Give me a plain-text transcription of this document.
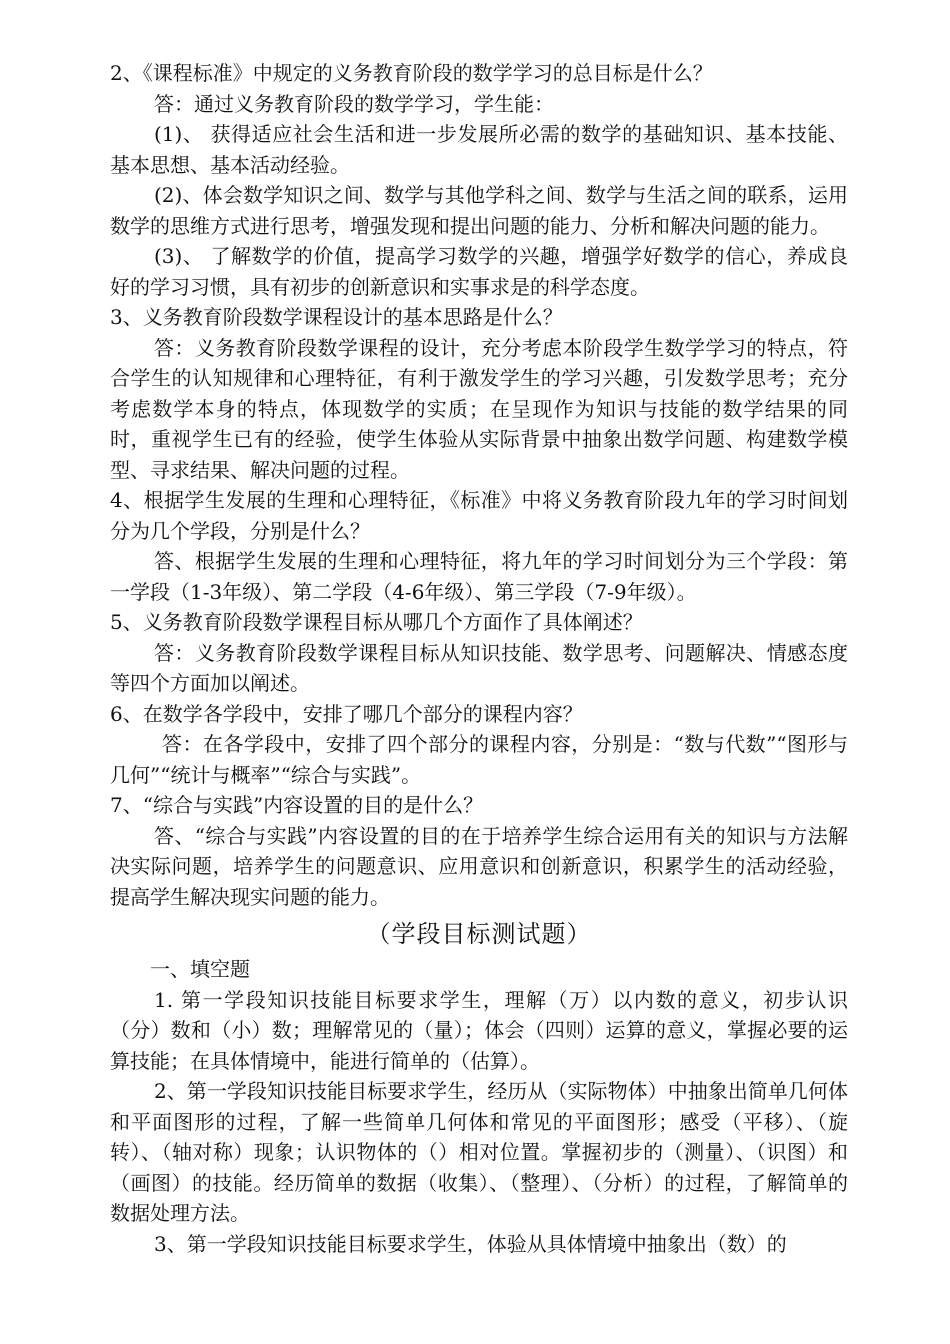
2、《课程标准》中规定的义务教育阶段的数学学习的总目标是什么？

答：通过义务教育阶段的数学学习，学生能：

(1)、 获得适应社会生活和进一步发展所必需的数学的基础知识、基本技能、基本思想、基本活动经验。

(2)、体会数学知识之间、数学与其他学科之间、数学与生活之间的联系，运用数学的思维方式进行思考，增强发现和提出问题的能力、分析和解决问题的能力。

(3)、 了解数学的价值，提高学习数学的兴趣，增强学好数学的信心，养成良好的学习习惯，具有初步的创新意识和实事求是的科学态度。

3、义务教育阶段数学课程设计的基本思路是什么？

答：义务教育阶段数学课程的设计，充分考虑本阶段学生数学学习的特点，符合学生的认知规律和心理特征，有利于激发学生的学习兴趣，引发数学思考；充分考虑数学本身的特点，体现数学的实质；在呈现作为知识与技能的数学结果的同时，重视学生已有的经验，使学生体验从实际背景中抽象出数学问题、构建数学模型、寻求结果、解决问题的过程。

4、根据学生发展的生理和心理特征，《标准》中将义务教育阶段九年的学习时间划分为几个学段，分别是什么？

答、根据学生发展的生理和心理特征，将九年的学习时间划分为三个学段：第一学段（1-3年级）、第二学段（4-6年级）、第三学段（7-9年级）。

5、义务教育阶段数学课程目标从哪几个方面作了具体阐述？

答：义务教育阶段数学课程目标从知识技能、数学思考、问题解决、情感态度等四个方面加以阐述。

6、在数学各学段中，安排了哪几个部分的课程内容？

答：在各学段中，安排了四个部分的课程内容，分别是：“数与代数”“图形与几何”“统计与概率”“综合与实践”。

7、“综合与实践”内容设置的目的是什么？

答、“综合与实践”内容设置的目的在于培养学生综合运用有关的知识与方法解决实际问题，培养学生的问题意识、应用意识和创新意识，积累学生的活动经验，提高学生解决现实问题的能力。

（学段目标测试题）

一、填空题

1. 第一学段知识技能目标要求学生，理解（万）以内数的意义，初步认识（分）数和（小）数；理解常见的（量）；体会（四则）运算的意义，掌握必要的运算技能；在具体情境中，能进行简单的（估算）。

2、第一学段知识技能目标要求学生，经历从（实际物体）中抽象出简单几何体和平面图形的过程，了解一些简单几何体和常见的平面图形；感受（平移）、（旋转）、（轴对称）现象；认识物体的（）相对位置。掌握初步的（测量）、（识图）和（画图）的技能。经历简单的数据（收集）、（整理）、（分析）的过程，了解简单的数据处理方法。

3、第一学段知识技能目标要求学生，体验从具体情境中抽象出（数）的
